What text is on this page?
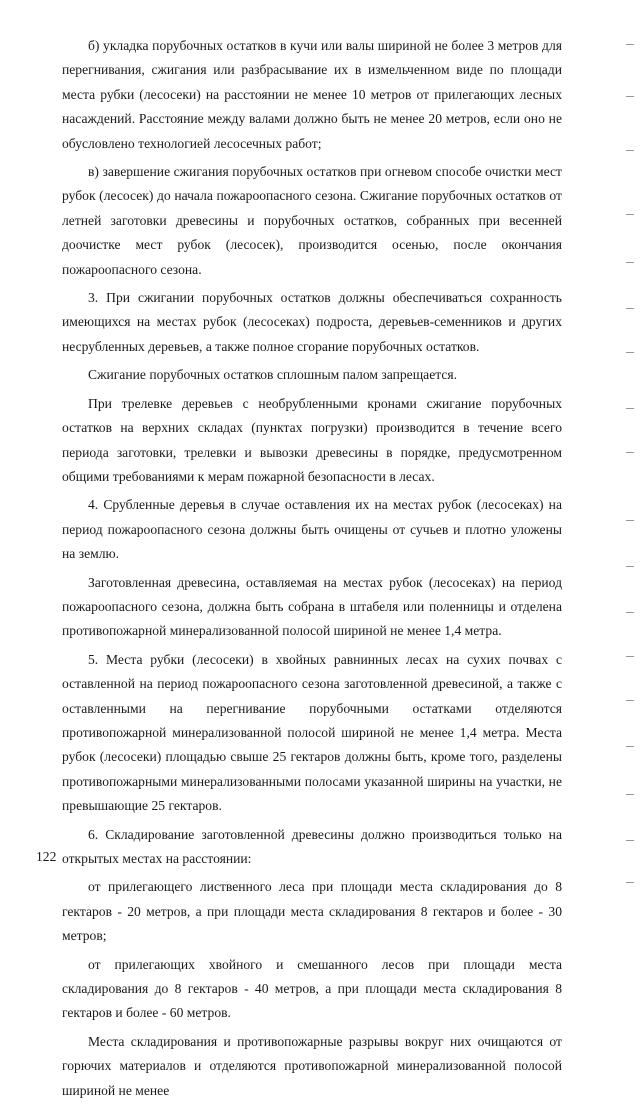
б) укладка порубочных остатков в кучи или валы шириной не более 3 метров для перегнивания, сжигания или разбрасывание их в измельченном виде по площади места рубки (лесосеки) на расстоянии не менее 10 метров от прилегающих лесных насаждений. Расстояние между валами должно быть не менее 20 метров, если оно не обусловлено технологией лесосечных работ;

в) завершение сжигания порубочных остатков при огневом способе очистки мест рубок (лесосек) до начала пожароопасного сезона. Сжигание порубочных остатков от летней заготовки древесины и порубочных остатков, собранных при весенней доочистке мест рубок (лесосек), производится осенью, после окончания пожароопасного сезона.

3. При сжигании порубочных остатков должны обеспечиваться сохранность имеющихся на местах рубок (лесосеках) подроста, деревьев-семенников и других несрубленных деревьев, а также полное сгорание порубочных остатков.

Сжигание порубочных остатков сплошным палом запрещается.

При трелевке деревьев с необрубленными кронами сжигание порубочных остатков на верхних складах (пунктах погрузки) производится в течение всего периода заготовки, трелевки и вывозки древесины в порядке, предусмотренном общими требованиями к мерам пожарной безопасности в лесах.

4. Срубленные деревья в случае оставления их на местах рубок (лесосеках) на период пожароопасного сезона должны быть очищены от сучьев и плотно уложены на землю.

Заготовленная древесина, оставляемая на местах рубок (лесосеках) на период пожароопасного сезона, должна быть собрана в штабеля или поленницы и отделена противопожарной минерализованной полосой шириной не менее 1,4 метра.

5. Места рубки (лесосеки) в хвойных равнинных лесах на сухих почвах с оставленной на период пожароопасного сезона заготовленной древесиной, а также с оставленными на перегнивание порубочными остатками отделяются противопожарной минерализованной полосой шириной не менее 1,4 метра. Места рубок (лесосеки) площадью свыше 25 гектаров должны быть, кроме того, разделены противопожарными минерализованными полосами указанной ширины на участки, не превышающие 25 гектаров.

6. Складирование заготовленной древесины должно производиться только на открытых местах на расстоянии:

от прилегающего лиственного леса при площади места складирования до 8 гектаров - 20 метров, а при площади места складирования 8 гектаров и более - 30 метров;

от прилегающих хвойного и смешанного лесов при площади места складирования до 8 гектаров - 40 метров, а при площади места складирования 8 гектаров и более - 60 метров.

Места складирования и противопожарные разрывы вокруг них очищаются от горючих материалов и отделяются противопожарной минерализованной полосой шириной не менее

122
